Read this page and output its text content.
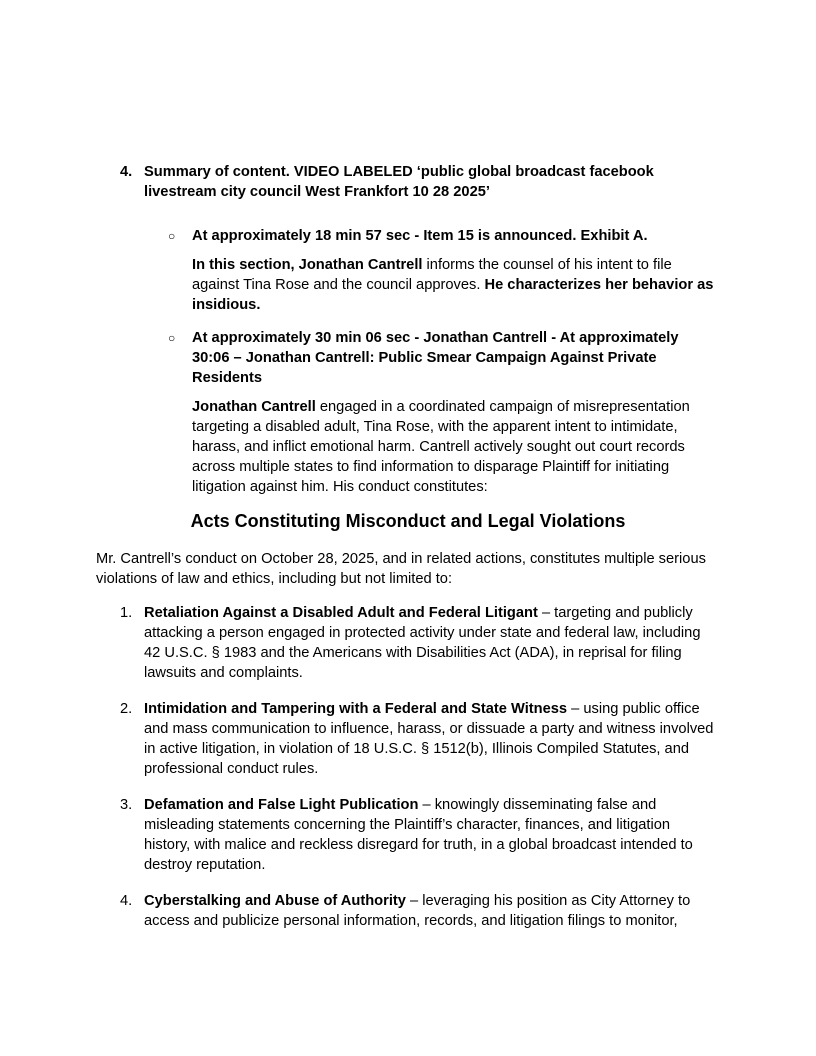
4. Summary of content. VIDEO LABELED ‘public global broadcast facebook livestream city council West Frankfort 10 28 2025’
○	At approximately 18 min 57 sec - Item 15 is announced. Exhibit A.

In this section, Jonathan Cantrell informs the counsel of his intent to file against Tina Rose and the council approves. He characterizes her behavior as insidious.

○	At approximately 30 min 06 sec - Jonathan Cantrell - At approximately 30:06 – Jonathan Cantrell: Public Smear Campaign Against Private Residents

Jonathan Cantrell engaged in a coordinated campaign of misrepresentation targeting a disabled adult, Tina Rose, with the apparent intent to intimidate, harass, and inflict emotional harm. Cantrell actively sought out court records across multiple states to find information to disparage Plaintiff for initiating litigation against him. His conduct constitutes:

Acts Constituting Misconduct and Legal Violations

Mr. Cantrell’s conduct on October 28, 2025, and in related actions, constitutes multiple serious violations of law and ethics, including but not limited to:

1. Retaliation Against a Disabled Adult and Federal Litigant – targeting and publicly attacking a person engaged in protected activity under state and federal law, including 42 U.S.C. § 1983 and the Americans with Disabilities Act (ADA), in reprisal for filing lawsuits and complaints.
2. Intimidation and Tampering with a Federal and State Witness – using public office and mass communication to influence, harass, or dissuade a party and witness involved in active litigation, in violation of 18 U.S.C. § 1512(b), Illinois Compiled Statutes, and professional conduct rules.
3. Defamation and False Light Publication – knowingly disseminating false and misleading statements concerning the Plaintiff’s character, finances, and litigation history, with malice and reckless disregard for truth, in a global broadcast intended to destroy reputation.
4. Cyberstalking and Abuse of Authority – leveraging his position as City Attorney to access and publicize personal information, records, and litigation filings to monitor,
